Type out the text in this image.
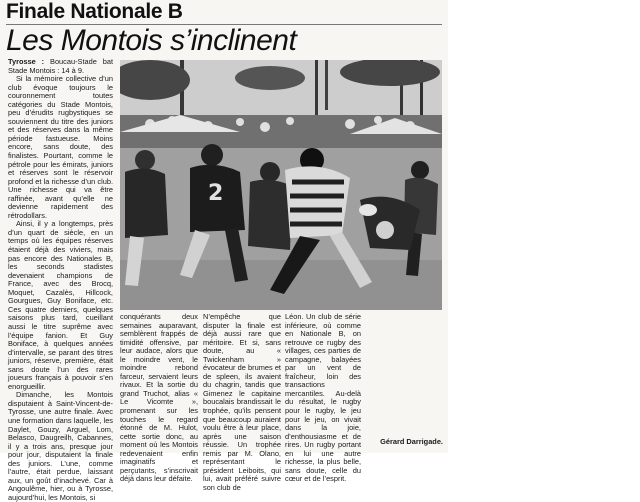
Finale Nationale B
Les Montois s’inclinent

Tyrosse : Boucau-Stade bat Stade Montois : 14 à 9.

Si la mémoire collective d’un club évoque toujours le couronnement toutes catégories du Stade Montois, peu d’érudits rugbystiques se souviennent du titre des juniors et des réserves dans la même période fastueuse. Moins encore, sans doute, des finalistes. Pourtant, comme le pétrole pour les émirats, juniors et réserves sont le réservoir profond et la richesse d’un club. Une richesse qui va être raffinée, avant qu’elle ne devienne rapidement des rétrodollars.

Ainsi, il y a longtemps, près d’un quart de siècle, en un temps où les équipes réserves étaient déjà des viviers, mais pas encore des Nationales B, les seconds stadistes devenaient champions de France, avec des Brocq, Moquet, Cazalès, Hillcock, Gourgues, Guy Boniface, etc. Ces quatre derniers, quelques saisons plus tard, cueillant aussi le titre suprême avec l’équipe fanion. Et Guy Boniface, à quelques années d’intervalle, se parant des titres juniors, réserve, première, était sans doute l’un des rares joueurs français à pouvoir s’en enorgueillir.

Dimanche, les Montois disputaient à Saint-Vincent-de-Tyrosse, une autre finale. Avec une formation dans laquelle, les Daylet, Gouzy, Arguel, Lom, Belasco, Daugreilh, Cabannes, il y a trois ans, presque jour pour jour, disputaient la finale des juniors. L’une, comme l’autre, était perdue, laissant aux, un goût d’inachevé. Car à Angoulême, hier, ou à Tyrosse, aujourd’hui, les Montois, si

2
conquérants deux semaines auparavant, semblèrent frappés de timidité offensive, par leur audace, alors que le moindre vent, le moindre rebond farceur, servaient leurs rivaux. Et la sortie du grand Truchot, alias « Le Vicomte », promenant sur les touches le regard étonné de M. Hulot, cette sortie donc, au moment où les Montois redevenaient enfin imaginatifs et perçutants, s’inscrivait déjà dans leur défaite.
N’empêche que disputer la finale est déjà aussi rare que méritoire. Et si, sans doute, au « Twickenham » évocateur de brumes et de spleen, ils avaient du chagrin, tandis que Gimenez le capitaine boucalais brandissait le trophée, qu’ils pensent que beaucoup auraient voulu être à leur place, après une saison réussie. Un trophée remis par M. Olano, représentant le président Leiboits, qui lui, avait préféré suivre son club de
Léon. Un club de série inférieure, où comme en Nationale B, on retrouve ce rugby des villages, ces parties de campagne, balayées par un vent de fraîcheur, loin des transactions mercantiles. Au-delà du résultat, le rugby pour le rugby, le jeu pour le jeu, on vivait dans la joie, d’enthousiasme et de rires. Un rugby portant en lui une autre richesse, la plus belle, sans doute, celle du cœur et de l’esprit.
Gérard Darrigade.
